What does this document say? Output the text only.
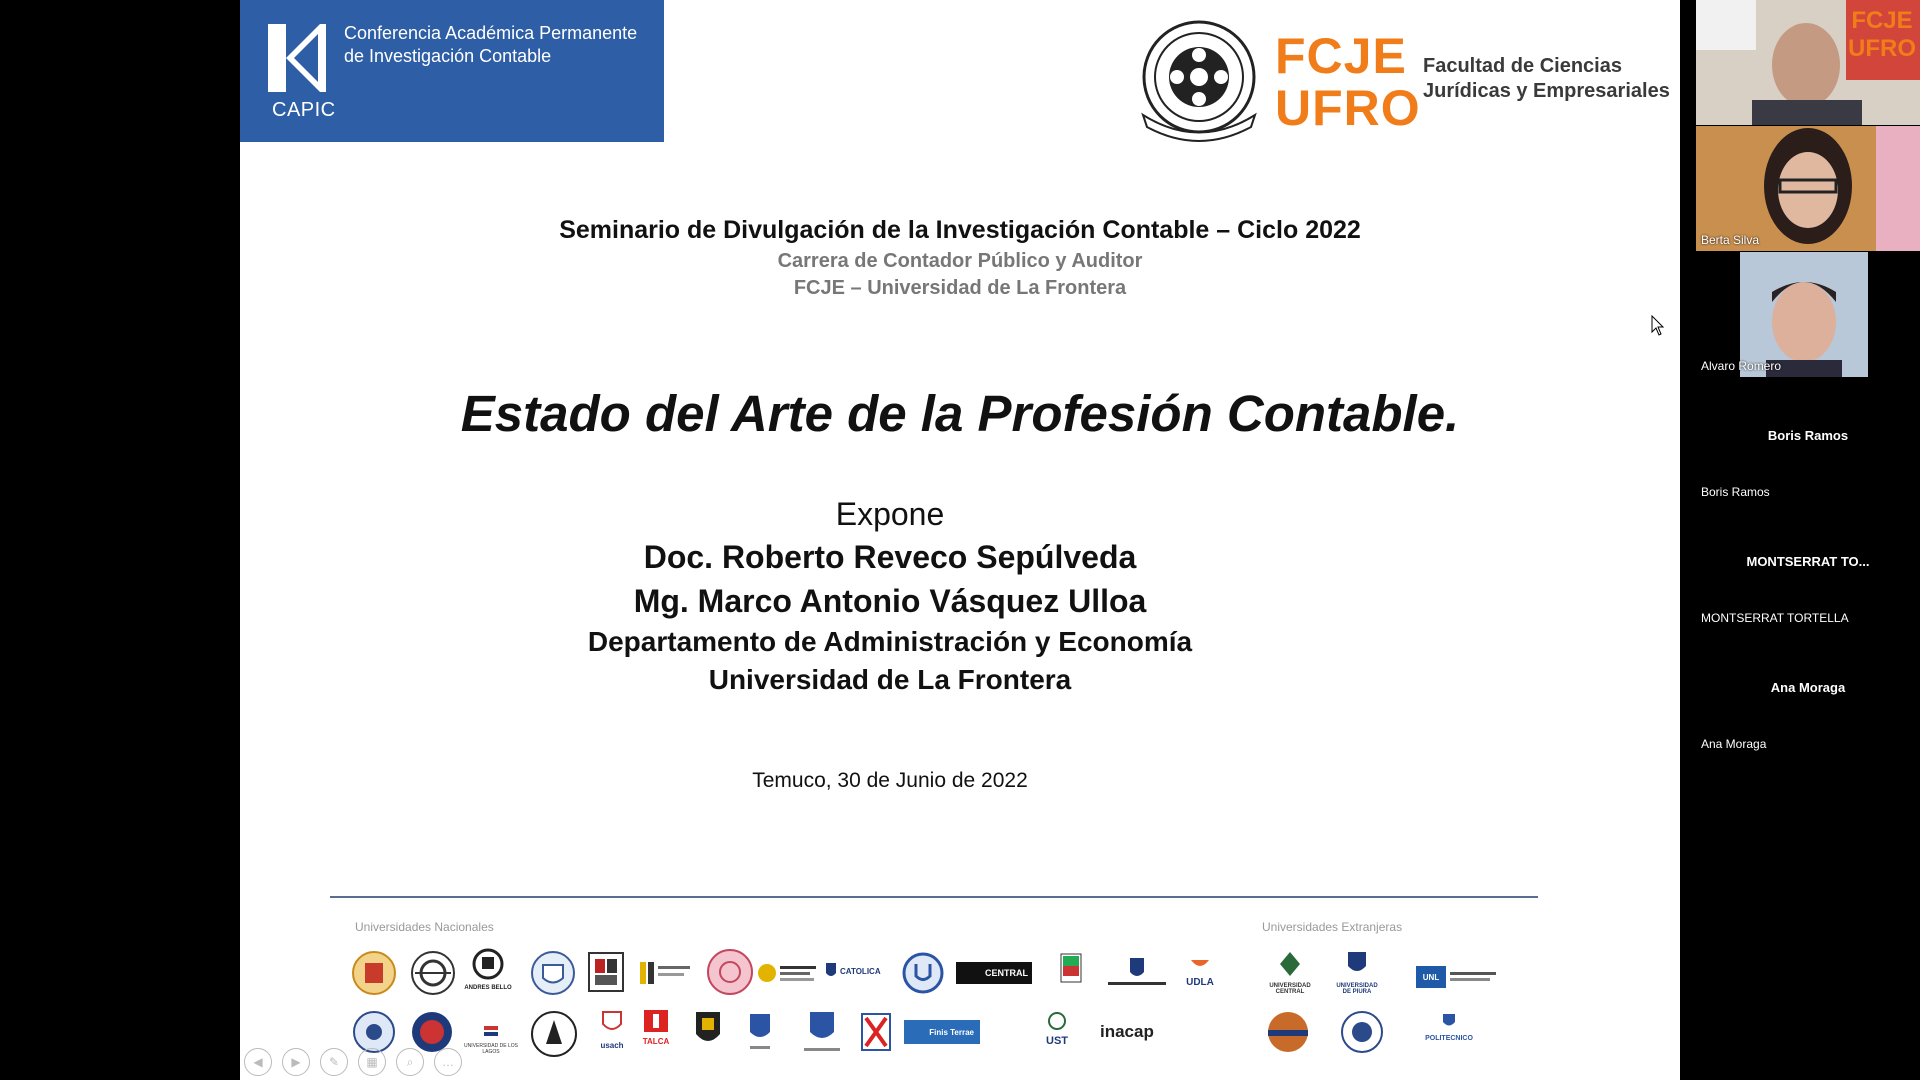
CAPIC
Conferencia Académica Permanente
de Investigación Contable	FCJE
UFRO
Facultad de Ciencias
Jurídicas y Empresariales
Seminario de Divulgación de la Investigación Contable – Ciclo 2022
Carrera de Contador Público y Auditor
FCJE – Universidad de La Frontera
Estado del Arte de la Profesión Contable.
Expone
Doc. Roberto Reveco Sepúlveda
Mg. Marco Antonio Vásquez Ulloa
Departamento de Administración y Economía
Universidad de La Frontera
Temuco, 30 de Junio de 2022
Universidades Nacionales	Universidades Extranjeras
ANDRES BELLO
CATOLICA	CENTRAL
UDLA	UNIVERSIDAD CENTRAL
UNIVERSIDAD DE PIURA
UNL
UNIVERSIDAD DE LOS LAGOS
usach	TALCA
Finis Terrae
UST inacap	POLITECNICO
◀	▶	✎	▦	⌕	…
FCJE
UFRO
Berta Silva
Alvaro Romero
Boris Ramos
Boris Ramos
MONTSERRAT TO...
MONTSERRAT TORTELLA
Ana Moraga
Ana Moraga
